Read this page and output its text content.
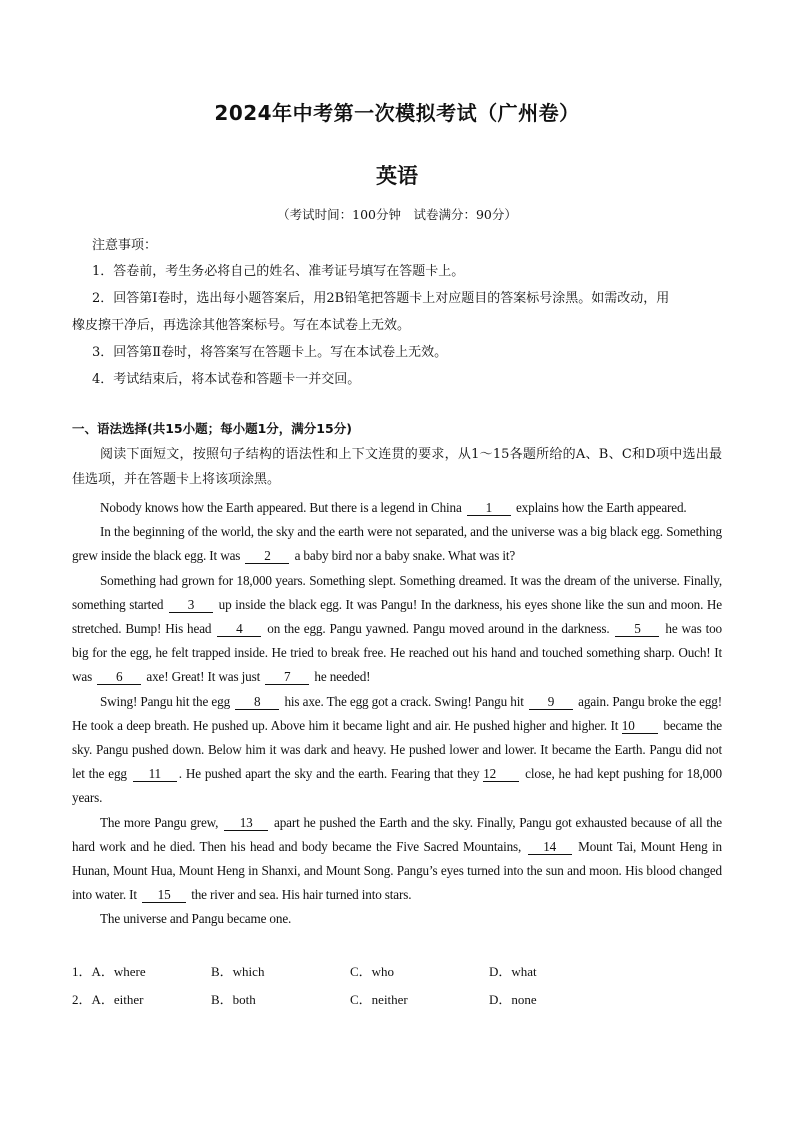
2024年中考第一次模拟考试（广州卷）
英语
（考试时间：100分钟　试卷满分：90分）
注意事项：

1．答卷前，考生务必将自己的姓名、准考证号填写在答题卡上。

2．回答第Ⅰ卷时，选出每小题答案后，用2B铅笔把答题卡上对应题目的答案标号涂黑。如需改动，用

橡皮擦干净后，再选涂其他答案标号。写在本试卷上无效。

3．回答第Ⅱ卷时，将答案写在答题卡上。写在本试卷上无效。

4．考试结束后，将本试卷和答题卡一并交回。

一、语法选择(共15小题；每小题1分，满分15分)
阅读下面短文，按照句子结构的语法性和上下文连贯的要求，从1～15各题所给的A、B、C和D项中选出最佳选项，并在答题卡上将该项涂黑。

Nobody knows how the Earth appeared. But there is a legend in China 1 explains how the Earth appeared.

In the beginning of the world, the sky and the earth were not separated, and the universe was a big black egg. Something grew inside the black egg. It was 2 a baby bird nor a baby snake. What was it?

Something had grown for 18,000 years. Something slept. Something dreamed. It was the dream of the universe. Finally, something started 3 up inside the black egg. It was Pangu! In the darkness, his eyes shone like the sun and moon. He stretched. Bump! His head 4 on the egg. Pangu yawned. Pangu moved around in the darkness. 5 he was too big for the egg, he felt trapped inside. He tried to break free. He reached out his hand and touched something sharp. Ouch! It was 6 axe! Great! It was just 7 he needed!

Swing! Pangu hit the egg 8 his axe. The egg got a crack. Swing! Pangu hit 9 again. Pangu broke the egg! He took a deep breath. He pushed up. Above him it became light and air. He pushed higher and higher. It 10 became the sky. Pangu pushed down. Below him it was dark and heavy. He pushed lower and lower. It became the Earth. Pangu did not let the egg 11 . He pushed apart the sky and the earth. Fearing that they 12 close, he had kept pushing for 18,000 years.

The more Pangu grew, 13 apart he pushed the Earth and the sky. Finally, Pangu got exhausted because of all the hard work and he died. Then his head and body became the Five Sacred Mountains, 14 Mount Tai, Mount Heng in Hunan, Mount Hua, Mount Heng in Shanxi, and Mount Song. Pangu’s eyes turned into the sun and moon. His blood changed into water. It 15 the river and sea. His hair turned into stars.

The universe and Pangu became one.

1．A．where	B．which	C．who	D．what
2．A．either	B．both	C．neither	D．none
